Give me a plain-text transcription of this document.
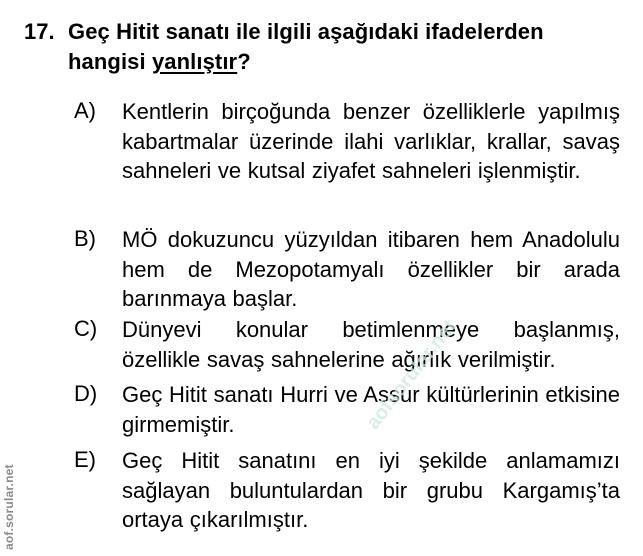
17. Geç Hitit sanatı ile ilgili aşağıdaki ifadelerden hangisi yanlıştır?
A) Kentlerin birçoğunda benzer özelliklerle yapılmış kabartmalar üzerinde ilahi varlıklar, krallar, savaş sahneleri ve kutsal ziyafet sahneleri işlenmiştir.
B) MÖ dokuzuncu yüzyıldan itibaren hem Anadolulu hem de Mezopotamyalı özellikler bir arada barınmaya başlar.
C) Dünyevi konular betimlenmeye başlanmış, özellikle savaş sahnelerine ağırlık verilmiştir.
D) Geç Hitit sanatı Hurri ve Assur kültürlerinin etkisine girmemiştir.
E) Geç Hitit sanatını en iyi şekilde anlamamızı sağlayan buluntulardan bir grubu Kargamış’ta ortaya çıkarılmıştır.
aofsorular.net
aof.sorular.net
